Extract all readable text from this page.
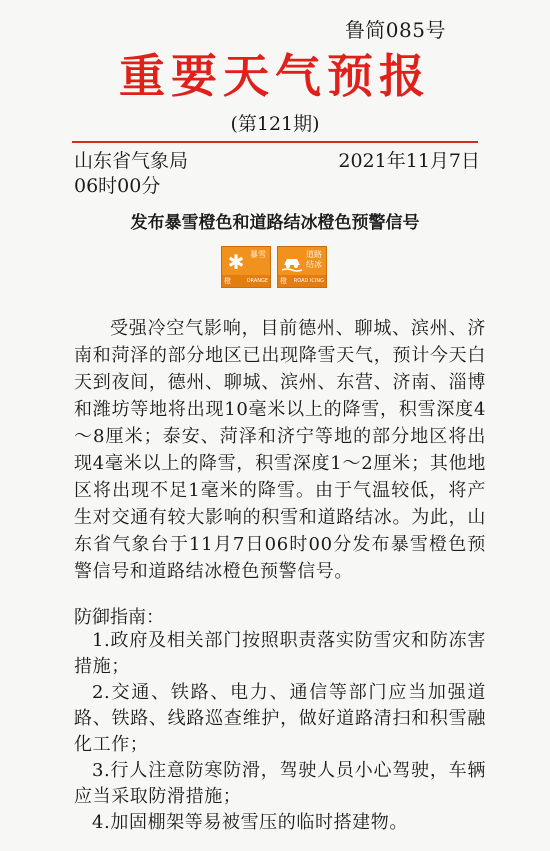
鲁简085号
重要天气预报
(第121期)
山东省气象局	2021年11月7日
06时00分
发布暴雪橙色和道路结冰橙色预警信号
✱ 暴雪
ORANGE
橙
道路结冰
ROAD ICING
橙
受强冷空气影响，目前德州、聊城、滨州、济南和菏泽的部分地区已出现降雪天气，预计今天白天到夜间，德州、聊城、滨州、东营、济南、淄博和潍坊等地将出现10毫米以上的降雪，积雪深度4～8厘米；泰安、菏泽和济宁等地的部分地区将出现4毫米以上的降雪，积雪深度1～2厘米；其他地区将出现不足1毫米的降雪。由于气温较低，将产生对交通有较大影响的积雪和道路结冰。为此，山东省气象台于11月7日06时00分发布暴雪橙色预警信号和道路结冰橙色预警信号。
防御指南：

1.政府及相关部门按照职责落实防雪灾和防冻害措施；

2.交通、铁路、电力、通信等部门应当加强道路、铁路、线路巡查维护，做好道路清扫和积雪融化工作；

3.行人注意防寒防滑，驾驶人员小心驾驶，车辆应当采取防滑措施；

4.加固棚架等易被雪压的临时搭建物。
